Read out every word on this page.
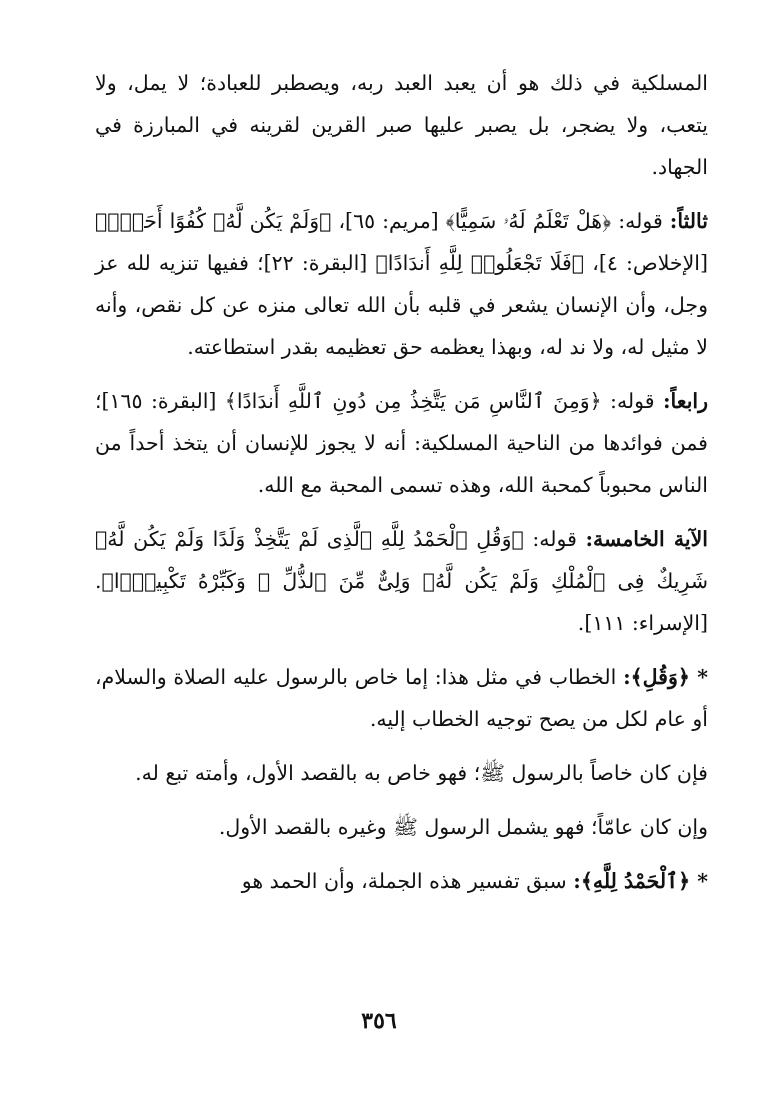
المسلكية في ذلك هو أن يعبد العبد ربه، ويصطبر للعبادة؛ لا يمل، ولا يتعب، ولا يضجر، بل يصبر عليها صبر القرين لقرينه في المبارزة في الجهاد.

ثالثاً: قوله: ﴿هَلْ تَعْلَمُ لَهُۥ سَمِيًّا﴾ [مريم: ٦٥]، ﴿وَلَمْ يَكُن لَّهُۥ كُفُوًا أَحَدٌۢ﴾ [الإخلاص: ٤]، ﴿فَلَا تَجْعَلُوا۟ لِلَّهِ أَندَادًا﴾ [البقرة: ٢٢]؛ ففيها تنزيه لله عز وجل، وأن الإنسان يشعر في قلبه بأن الله تعالى منزه عن كل نقص، وأنه لا مثيل له، ولا ند له، وبهذا يعظمه حق تعظيمه بقدر استطاعته.

رابعاً: قوله: ﴿وَمِنَ ٱلنَّاسِ مَن يَتَّخِذُ مِن دُونِ ٱللَّهِ أَندَادًا﴾ [البقرة: ١٦٥]؛ فمن فوائدها من الناحية المسلكية: أنه لا يجوز للإنسان أن يتخذ أحداً من الناس محبوباً كمحبة الله، وهذه تسمى المحبة مع الله.

الآية الخامسة: قوله: ﴿وَقُلِ ٱلْحَمْدُ لِلَّهِ ٱلَّذِى لَمْ يَتَّخِذْ وَلَدًا وَلَمْ يَكُن لَّهُۥ شَرِيكٌ فِى ٱلْمُلْكِ وَلَمْ يَكُن لَّهُۥ وَلِىٌّ مِّنَ ٱلذُّلِّ ۖ وَكَبِّرْهُ تَكْبِيرًۢا﴾. [الإسراء: ١١١].

* ﴿وَقُلِ﴾: الخطاب في مثل هذا: إما خاص بالرسول عليه الصلاة والسلام، أو عام لكل من يصح توجيه الخطاب إليه.

فإن كان خاصاً بالرسول ﷺ؛ فهو خاص به بالقصد الأول، وأمته تبع له.

وإن كان عامّاً؛ فهو يشمل الرسول ﷺ وغيره بالقصد الأول.

* ﴿ٱلْحَمْدُ لِلَّهِ﴾: سبق تفسير هذه الجملة، وأن الحمد هو

٣٥٦
